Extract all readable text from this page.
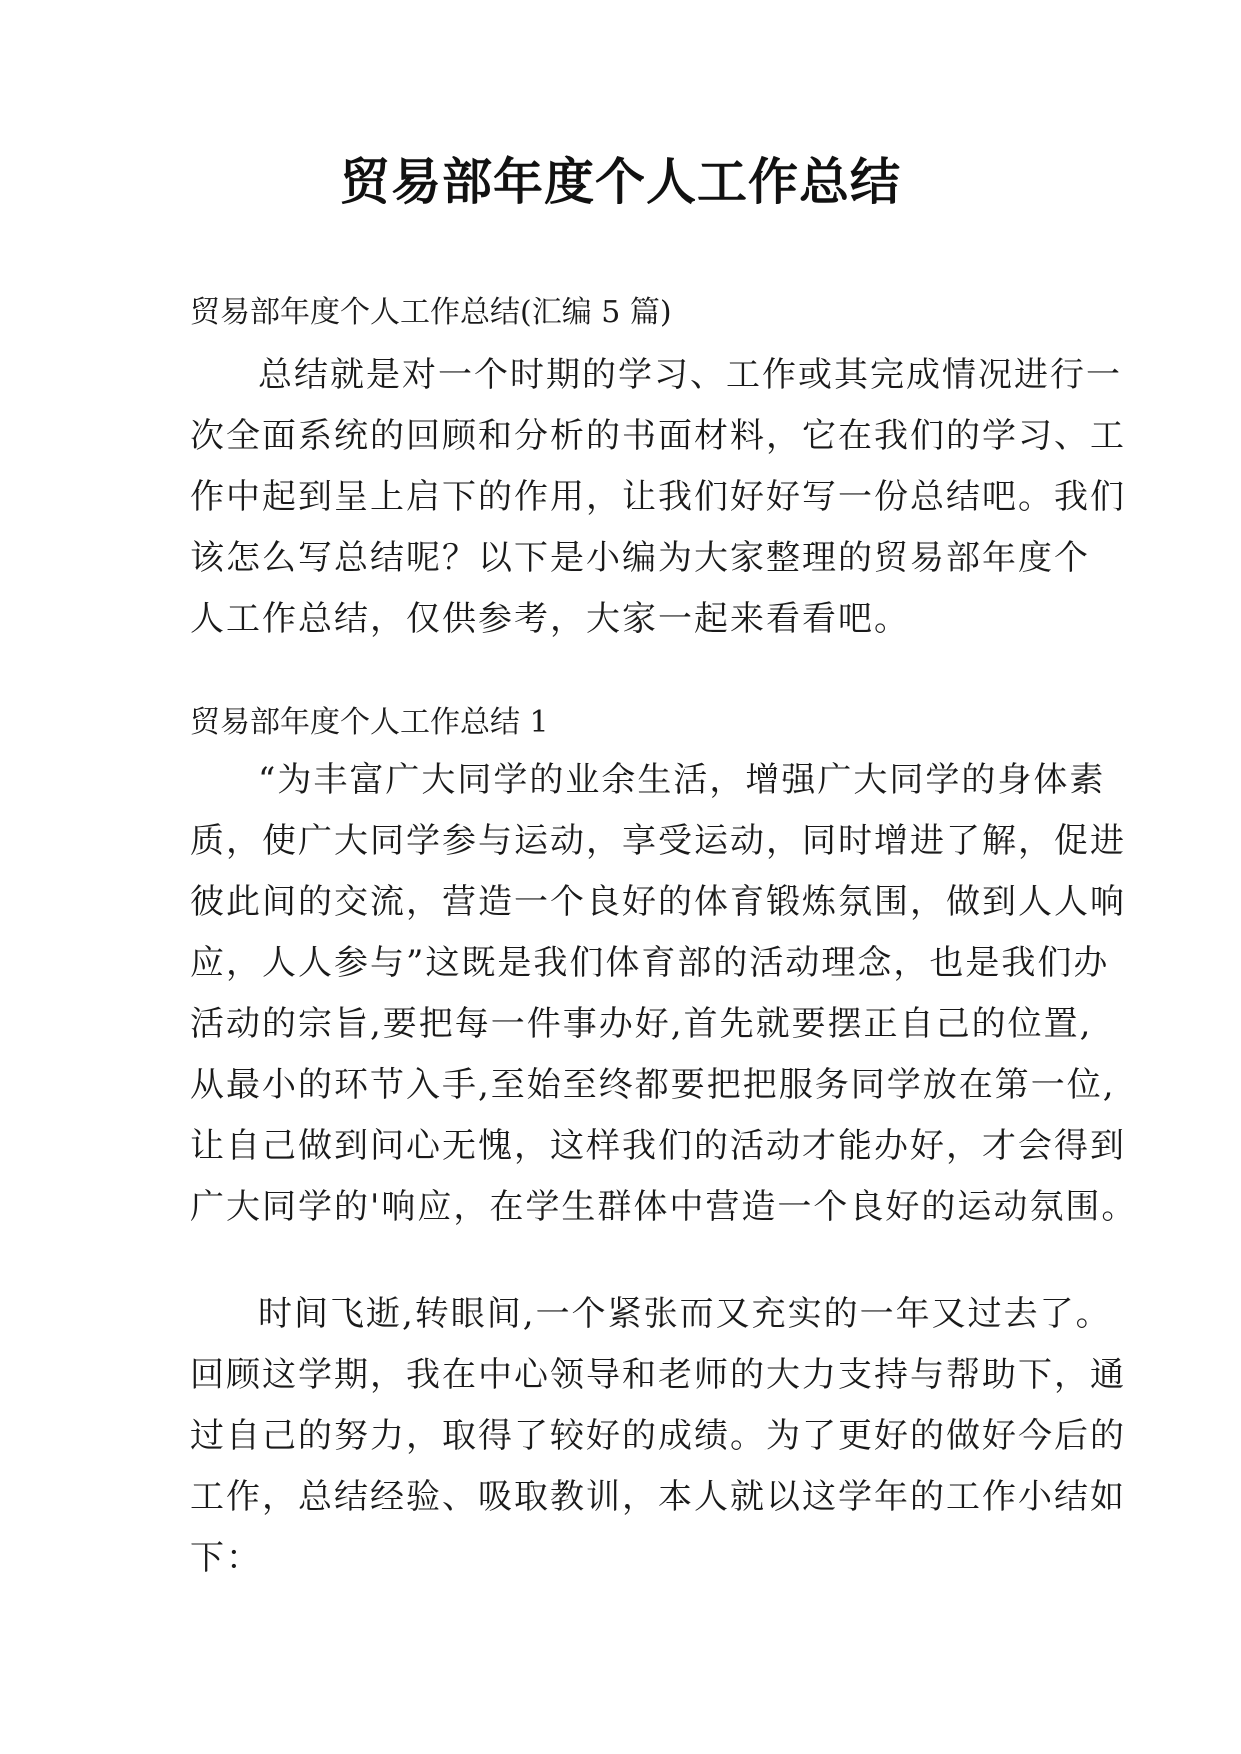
贸易部年度个人工作总结
贸易部年度个人工作总结(汇编 5 篇)
总结就是对一个时期的学习、工作或其完成情况进行一
次全面系统的回顾和分析的书面材料，它在我们的学习、工
作中起到呈上启下的作用，让我们好好写一份总结吧。我们
该怎么写总结呢？以下是小编为大家整理的贸易部年度个
人工作总结，仅供参考，大家一起来看看吧。
贸易部年度个人工作总结 1
“为丰富广大同学的业余生活，增强广大同学的身体素
质，使广大同学参与运动，享受运动，同时增进了解，促进
彼此间的交流，营造一个良好的体育锻炼氛围，做到人人响
应，人人参与”这既是我们体育部的活动理念，也是我们办
活动的宗旨,要把每一件事办好,首先就要摆正自己的位置,
从最小的环节入手,至始至终都要把把服务同学放在第一位,
让自己做到问心无愧，这样我们的活动才能办好，才会得到
广大同学的'响应，在学生群体中营造一个良好的运动氛围。
时间飞逝,转眼间,一个紧张而又充实的一年又过去了。
回顾这学期，我在中心领导和老师的大力支持与帮助下，通
过自己的努力，取得了较好的成绩。为了更好的做好今后的
工作，总结经验、吸取教训，本人就以这学年的工作小结如
下：
